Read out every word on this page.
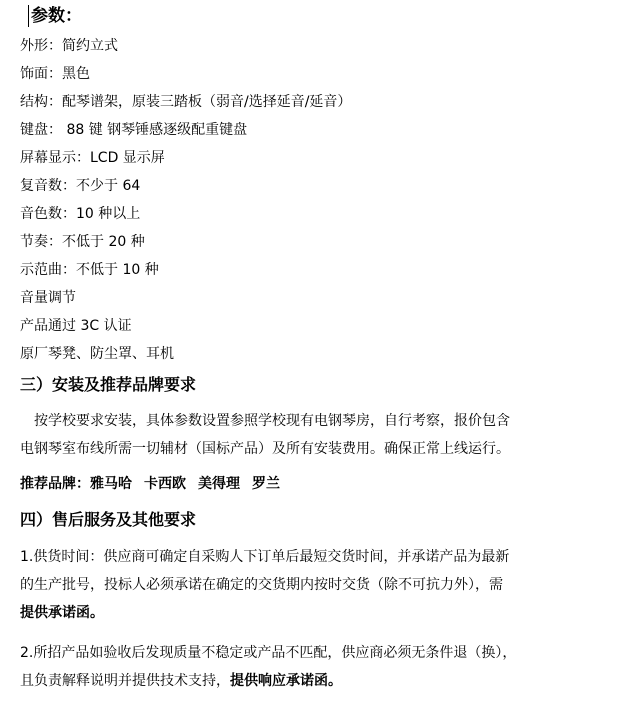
参数：
外形：简约立式
饰面：黑色
结构：配琴谱架，原装三踏板（弱音/选择延音/延音）
键盘： 88 键 钢琴锤感逐级配重键盘
屏幕显示：LCD 显示屏
复音数：不少于 64
音色数：10 种以上
节奏：不低于 20 种
示范曲：不低于 10 种
音量调节
产品通过 3C 认证
原厂琴凳、防尘罩、耳机
三）安装及推荐品牌要求
按学校要求安装，具体参数设置参照学校现有电钢琴房，自行考察，报价包含
电钢琴室布线所需一切辅材（国标产品）及所有安装费用。确保正常上线运行。
推荐品牌：雅马哈 卡西欧 美得理 罗兰
四）售后服务及其他要求
1.供货时间：供应商可确定自采购人下订单后最短交货时间，并承诺产品为最新
的生产批号，投标人必须承诺在确定的交货期内按时交货（除不可抗力外），需
提供承诺函。
2.所招产品如验收后发现质量不稳定或产品不匹配，供应商必须无条件退（换），
且负责解释说明并提供技术支持，提供响应承诺函。
